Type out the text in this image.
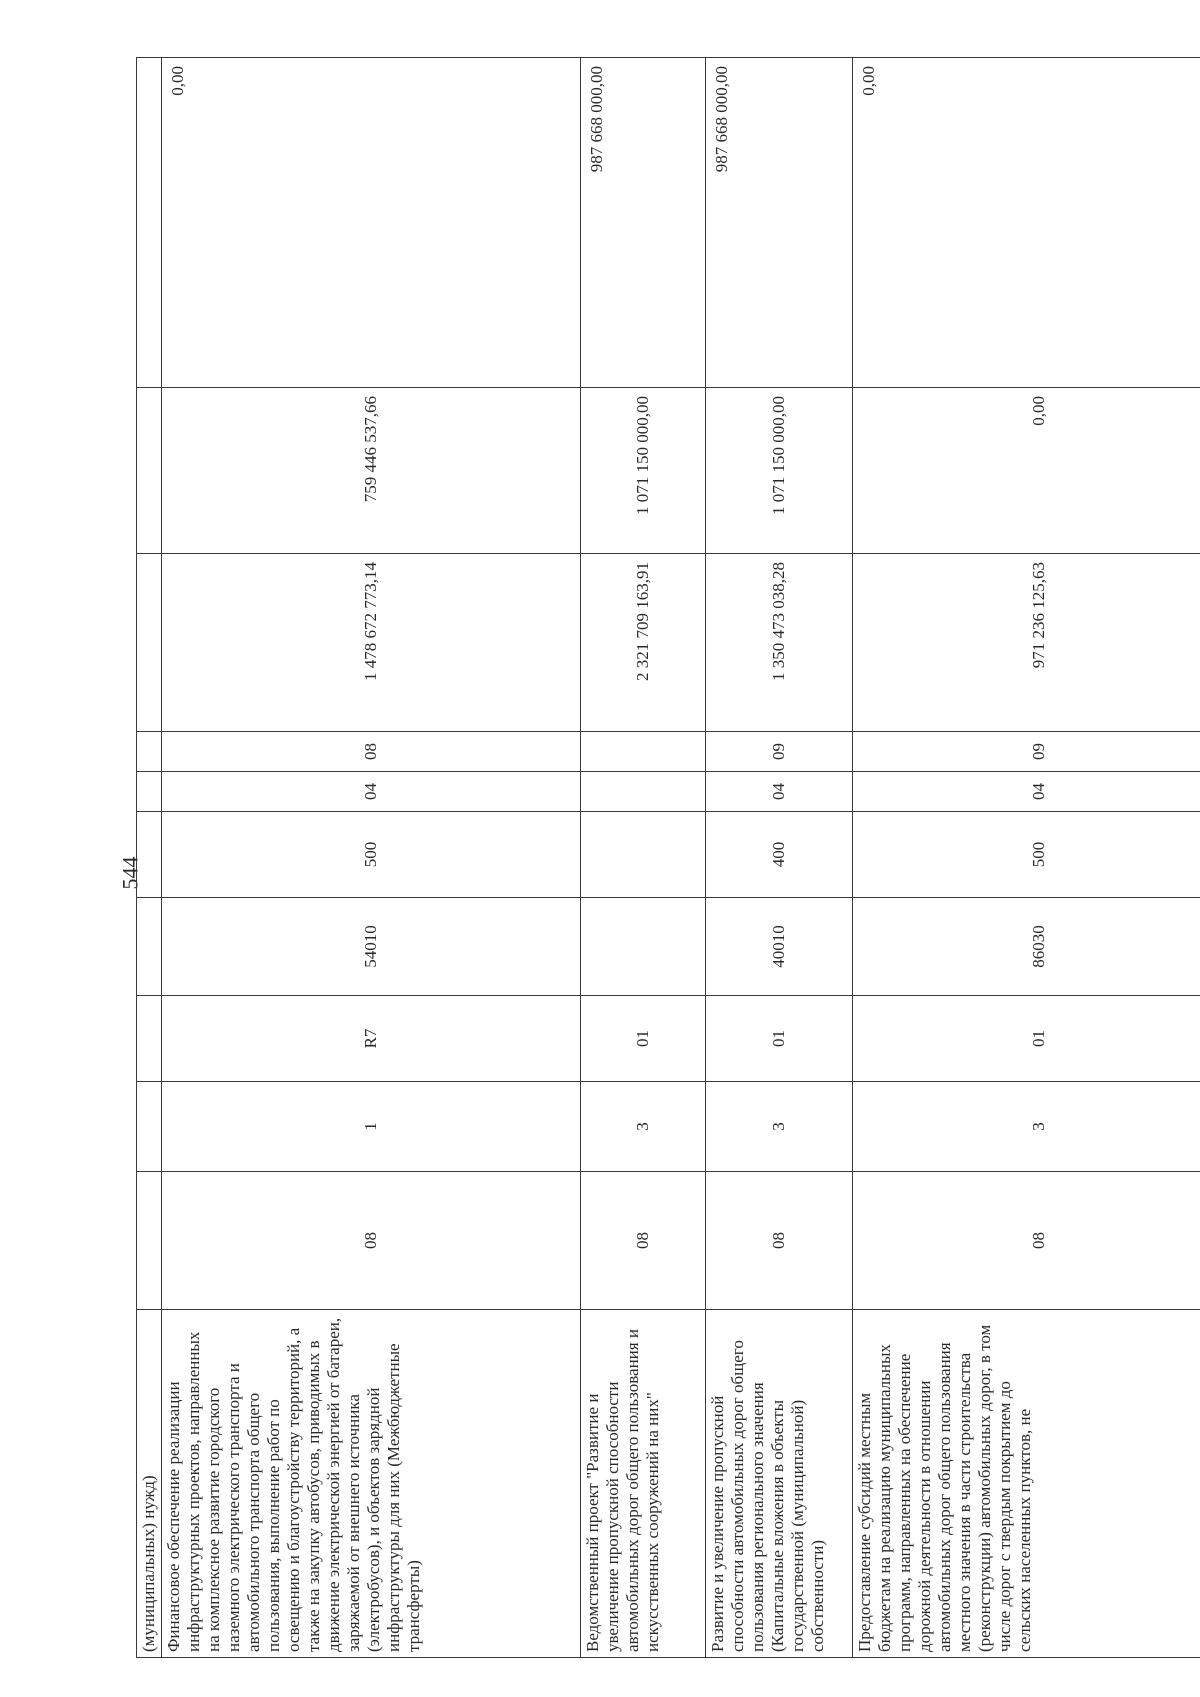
544
(муниципальных) нужд)										
Финансовое обеспечение реализации инфраструктурных проектов, направленных на комплексное развитие городского наземного электрического транспорта и автомобильного транспорта общего пользования, выполнение работ по освещению и благоустройству территорий, а также на закупку автобусов, приводимых в движение электрической энергией от батареи, заряжаемой от внешнего источника (электробусов), и объектов зарядной инфраструктуры для них (Межбюджетные трансферты)	08	1	R7	54010	500	04	08	1 478 672 773,14	759 446 537,66	0,00
Ведомственный проект "Развитие и увеличение пропускной способности автомобильных дорог общего пользования и искусственных сооружений на них"	08	3	01					2 321 709 163,91	1 071 150 000,00	987 668 000,00
Развитие и увеличение пропускной способности автомобильных дорог общего пользования регионального значения (Капитальные вложения в объекты государственной (муниципальной) собственности)	08	3	01	40010	400	04	09	1 350 473 038,28	1 071 150 000,00	987 668 000,00
Предоставление субсидий местным бюджетам на реализацию муниципальных программ, направленных на обеспечение дорожной деятельности в отношении автомобильных дорог общего пользования местного значения в части строительства (реконструкции) автомобильных дорог, в том числе дорог с твердым покрытием до сельских населенных пунктов, не	08	3	01	86030	500	04	09	971 236 125,63	0,00	0,00
